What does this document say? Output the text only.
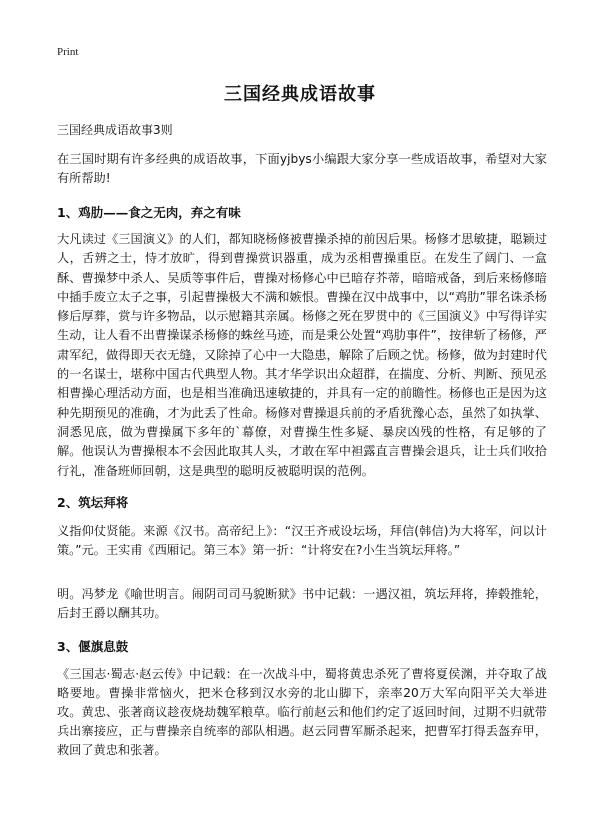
Print
三国经典成语故事
三国经典成语故事3则

在三国时期有许多经典的成语故事，下面yjbys小编跟大家分享一些成语故事，希望对大家有所帮助!

1、鸡肋——食之无肉，弃之有味

大凡读过《三国演义》的人们，都知晓杨修被曹操杀掉的前因后果。杨修才思敏捷，聪颖过人，舌辨之士，恃才放旷，得到曹操赏识器重，成为丞相曹操重臣。在发生了阔门、一盒酥、曹操梦中杀人、吴质等事件后，曹操对杨修心中已暗存芥蒂，暗暗戒备，到后来杨修暗中插手废立太子之事，引起曹操极大不满和嫉恨。曹操在汉中战事中，以“鸡肋”罪名诛杀杨修后厚葬，赏与许多物品，以示慰籍其亲属。杨修之死在罗贯中的《三国演义》中写得详实生动，让人看不出曹操谋杀杨修的蛛丝马迹，而是秉公处置“鸡肋事件”，按律斩了杨修，严肃军纪，做得即天衣无缝，又除掉了心中一大隐患，解除了后顾之忧。杨修，做为封建时代的一名谋士，堪称中国古代典型人物。其才华学识出众超群，在揣度、分析、判断、预见丞相曹操心理活动方面，也是相当准确迅速敏捷的，并具有一定的前瞻性。杨修也正是因为这种先期预见的准确，才为此丢了性命。杨修对曹操退兵前的矛盾犹豫心态，虽然了如执掌、洞悉见底，做为曹操属下多年的`幕僚，对曹操生性多疑、暴戾凶残的性格，有足够的了解。他误认为曹操根本不会因此取其人头，才敢在军中袒露直言曹操会退兵，让士兵们收拾行礼，准备班师回朝，这是典型的聪明反被聪明误的范例。

2、筑坛拜将

义指仰仗贤能。来源《汉书。高帝纪上》：“汉王齐戒设坛场，拜信(韩信)为大将军，问以计策。”元。王实甫《西厢记。第三本》第一折：“计将安在?小生当筑坛拜将。”

明。冯梦龙《喻世明言。闹阴司司马貌断狱》书中记载：一遇汉祖，筑坛拜将，捧毂推轮，后封王爵以酬其功。

3、偃旗息鼓

《三国志·蜀志·赵云传》中记载：在一次战斗中，蜀将黄忠杀死了曹将夏侯渊，并夺取了战略要地。曹操非常恼火，把米仓移到汉水旁的北山脚下，亲率20万大军向阳平关大举进攻。黄忠、张著商议趁夜烧劫魏军粮草。临行前赵云和他们约定了返回时间，过期不归就带兵出寨接应，正与曹操亲自统率的部队相遇。赵云同曹军厮杀起来，把曹军打得丢盔弃甲，救回了黄忠和张著。
